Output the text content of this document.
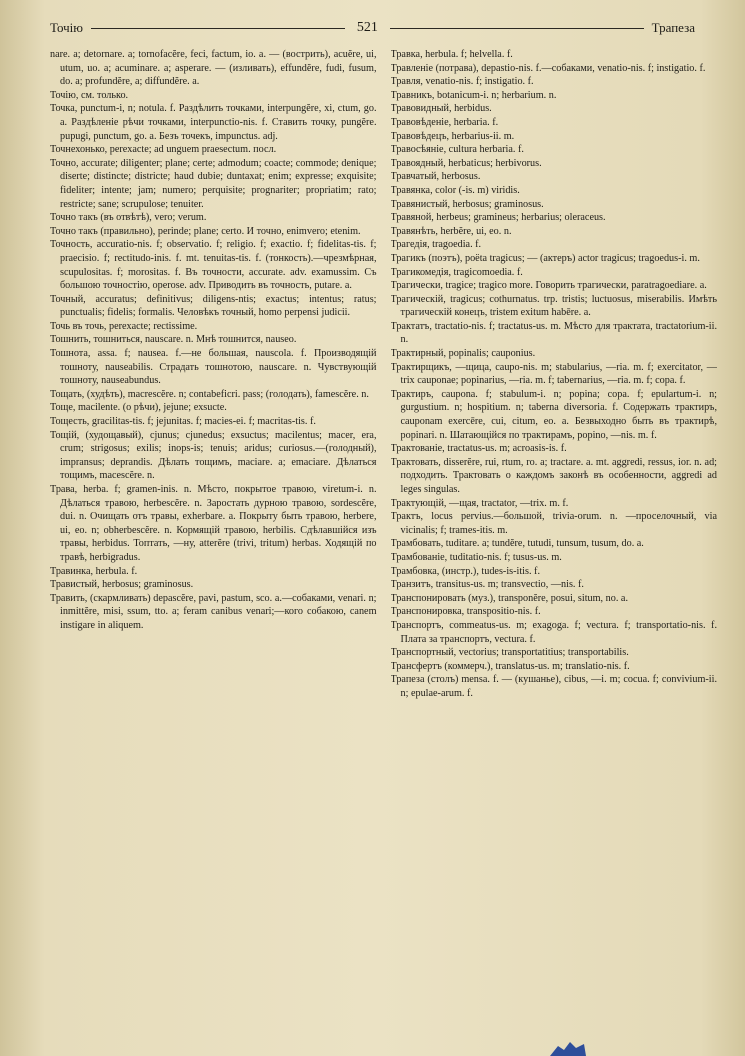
Точію	521	Трапеза

nare. a; detornare. a; tornofacĕre, feci, factum, io. a. — (вострить), acuĕre, ui, utum, uo. a; acuminare. a; asperare. — (изливать), effundĕre, fudi, fusum, do. a; profundĕre, a; diffundĕre. a.

Точію, см. только.

Точка, punctum-i, n; notula. f. Раздѣлить точками, interpungĕre, xi, ctum, go. a. Раздѣленіе рѣчи точками, interpunctio-nis. f. Ставить точку, pungĕre. pupugi, punctum, go. a. Безъ точекъ, impunctus. adj.

Точнехонько, perexacte; ad unguem praesectum. посл.

Точно, accurate; diligenter; plane; certe; admodum; coacte; commode; denique; diserte; distincte; districte; haud dubie; duntaxat; enim; expresse; exquisite; fideliter; intente; jam; numero; perquisite; prognariter; propriatim; rato; restricte; sane; scrupulose; tenuiter.

Точно такъ (въ отвѣтѣ), vero; verum.

Точно такъ (правильно), perinde; plane; certo. И точно, enimvero; etenim.

Точность, accuratio-nis. f; observatio. f; religio. f; exactio. f; fidelitas-tis. f; praecisio. f; rectitudo-inis. f. mt. tenuitas-tis. f. (тонкость).—чрезмѣрная, scupulositas. f; morositas. f. Въ точности, accurate. adv. examussim. Съ большою точностію, operose. adv. Приводить въ точность, putare. a.

Точный, accuratus; definitivus; diligens-ntis; exactus; intentus; ratus; punctualis; fidelis; formalis. Человѣкъ точный, homo perpensi judicii.

Точь въ точь, perexacte; rectissime.

Тошнить, тошниться, nauscare. n. Мнѣ тошнится, nauseo.

Тошнота, assa. f; nausea. f.—не большая, nauscola. f. Производящій тошноту, nauseabilis. Страдать тошнотою, nauscare. n. Чувствующій тошноту, nauseabundus.

Тощать, (худѣть), macrescĕre. n; contabeficri. pass; (голодать), famescĕre. n.

Тоще, macilente. (о рѣчи), jejune; exsucte.

Тощесть, gracilitas-tis. f; jejunitas. f; macies-ei. f; macritas-tis. f.

Тощій, (худощавый), cjunus; cjunedus; exsuctus; macilentus; macer, era, crum; strigosus; exilis; inops-is; tenuis; aridus; curiosus.—(голодный), impransus; deprandis. Дѣлать тощимъ, maciare. a; emaciare. Дѣлаться тощимъ, macescĕre. n.

Трава, herba. f; gramen-inis. n. Мѣсто, покрытое травою, viretum-i. n. Дѣлаться травою, herbescĕre. n. Заростать дурною травою, sordescĕre, dui. n. Очищать отъ травы, exherbare. a. Покрыту быть травою, herbere, ui, eo. n; obherbescĕre. n. Кормящій травою, herbilis. Сдѣлавшійся изъ травы, herbidus. Топтать, —ну, atterĕre (trivi, tritum) herbas. Ходящій по травѣ, herbigradus.

Травинка, herbula. f.

Травистый, herbosus; graminosus.

Травить, (скармливать) depascĕre, pavi, pastum, sco. a.—собаками, venari. n; inmittĕre, misi, ssum, tto. a; feram canibus venari;—кого собакою, canem instigare in aliquem.

Травка, herbula. f; helvella. f.

Травленіе (потрава), depastio-nis. f.—собаками, venatio-nis. f; instigatio. f.

Травля, venatio-nis. f; instigatio. f.

Травникъ, botanicum-i. n; herbarium. n.

Травовидный, herbidus.

Травовѣденіе, herbaria. f.

Травовѣдецъ, herbarius-ii. m.

Травосѣяніе, cultura herbaria. f.

Травоядный, herbaticus; herbivorus.

Травчатый, herbosus.

Травянка, color (-is. m) viridis.

Травянистый, herbosus; graminosus.

Травяной, herbeus; gramineus; herbarius; oleraceus.

Травянѣть, herbĕre, ui, eo. n.

Трагедія, tragoedia. f.

Трагикъ (поэтъ), poëta tragicus; — (актеръ) actor tragicus; tragoedus-i. m.

Трагикомедія, tragicomoedia. f.

Трагически, tragice; tragico more. Говорить трагически, paratragoediare. a.

Трагическій, tragicus; cothurnatus. trp. tristis; luctuosus, miserabilis. Имѣть трагическій конецъ, tristem exitum habēre. a.

Трактатъ, tractatio-nis. f; tractatus-us. m. Мѣсто для трактата, tractatorium-ii. n.

Трактирный, popinalis; cauponius.

Трактирщикъ, —щица, caupo-nis. m; stabularius, —ria. m. f; exercitator, —trix cauponae; popinarius, —ria. m. f; tabernarius, —ria. m. f; copa. f.

Трактиръ, caupona. f; stabulum-i. n; popina; copa. f; epulartum-i. n; gurgustium. n; hospitium. n; taberna diversoria. f. Содержать трактиръ, cauponam exercēre, cui, citum, eo. a. Безвыходно быть въ трактирѣ, popinari. n. Шатающійся по трактирамъ, popino, —nis. m. f.

Трактованіе, tractatus-us. m; acroasis-is. f.

Трактовать, disserĕre, rui, rtum, ro. a; tractare. a. mt. aggredi, ressus, ior. n. ad; подходить. Трактовать о каждомъ законѣ въ особенности, aggredi ad leges singulas.

Трактующій, —щая, tractator, —trix. m. f.

Трактъ, locus pervius.—большой, trivia-orum. n. —проселочный, via vicinalis; f; trames-itis. m.

Трамбовать, tuditare. a; tundĕre, tutudi, tunsum, tusum, do. a.

Трамбованіе, tuditatio-nis. f; tusus-us. m.

Трамбовка, (инстр.), tudes-is-itis. f.

Транзитъ, transitus-us. m; transvectio, —nis. f.

Транспонировать (муз.), transponĕre, posui, situm, no. a.

Транспонировка, transpositio-nis. f.

Транспортъ, commeatus-us. m; exagoga. f; vectura. f; transportatio-nis. f. Плата за транспортъ, vectura. f.

Транспортный, vectorius; transportatitius; transportabilis.

Трансфертъ (коммерч.), translatus-us. m; translatio-nis. f.

Трапеза (столъ) mensa. f. — (кушанье), cibus, —i. m; cocua. f; convivium-ii. n; epulae-arum. f.
